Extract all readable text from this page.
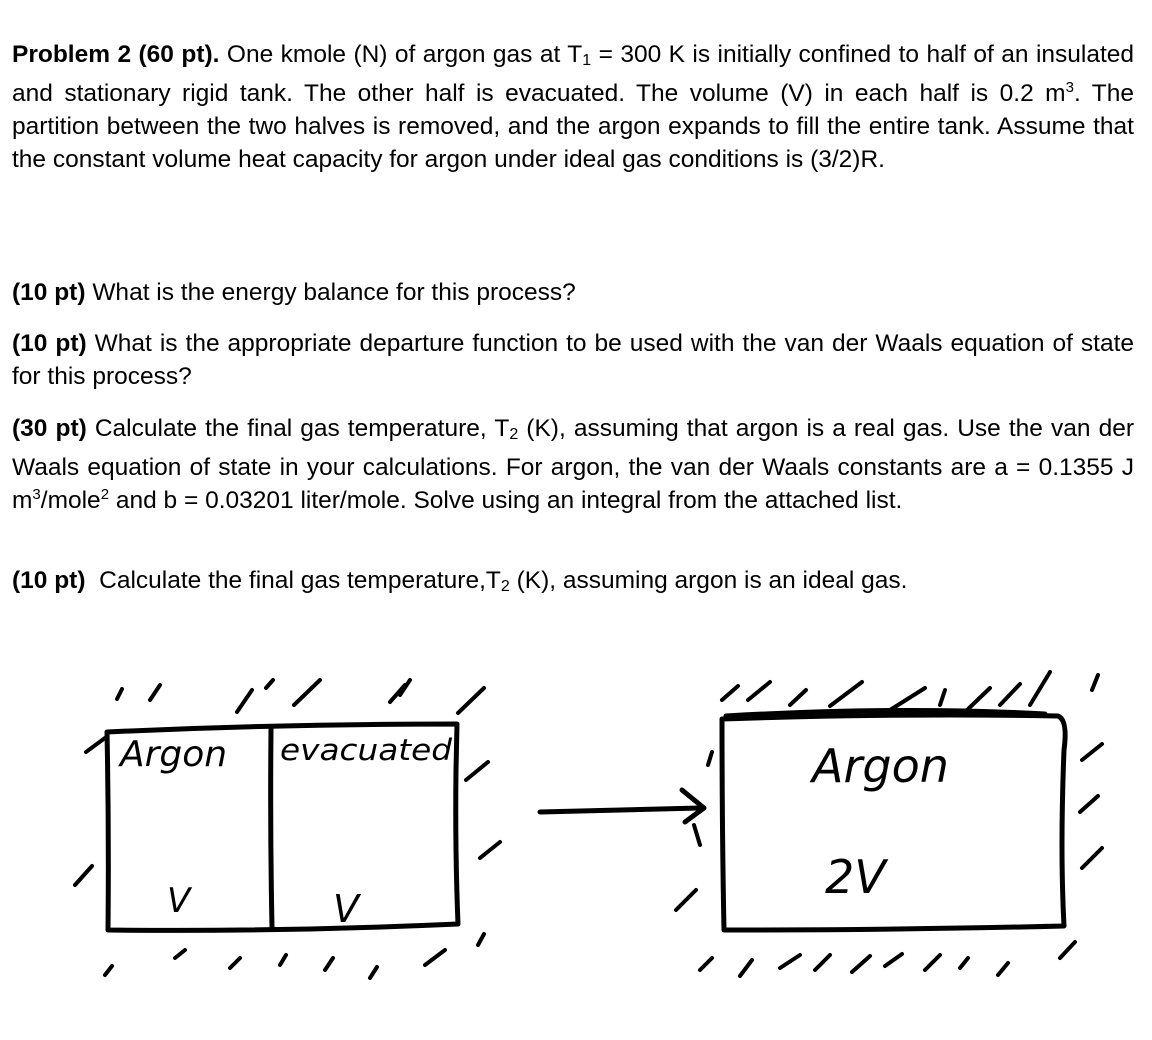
Problem 2 (60 pt). One kmole (N) of argon gas at $T_1 = 300$ K is initially confined to half of an insulated and stationary rigid tank. The other half is evacuated. The volume (V) in each half is 0.2 $m^3$. The partition between the two halves is removed, and the argon expands to fill the entire tank. Assume that the constant volume heat capacity for argon under ideal gas conditions is (3/2)R.

(10 pt) What is the energy balance for this process?

(10 pt) What is the appropriate departure function to be used with the van der Waals equation of state for this process?

(30 pt) Calculate the final gas temperature, $T_2$ (K), assuming that argon is a real gas. Use the van der Waals equation of state in your calculations. For argon, the van der Waals constants are a = 0.1355 J $m^3/mole^2$ and b = 0.03201 liter/mole. Solve using an integral from the attached list.

(10 pt) Calculate the final gas $temperature,T_2$ (K), assuming argon is an ideal gas.

Argon evacuated
V	V
Argon
2V
